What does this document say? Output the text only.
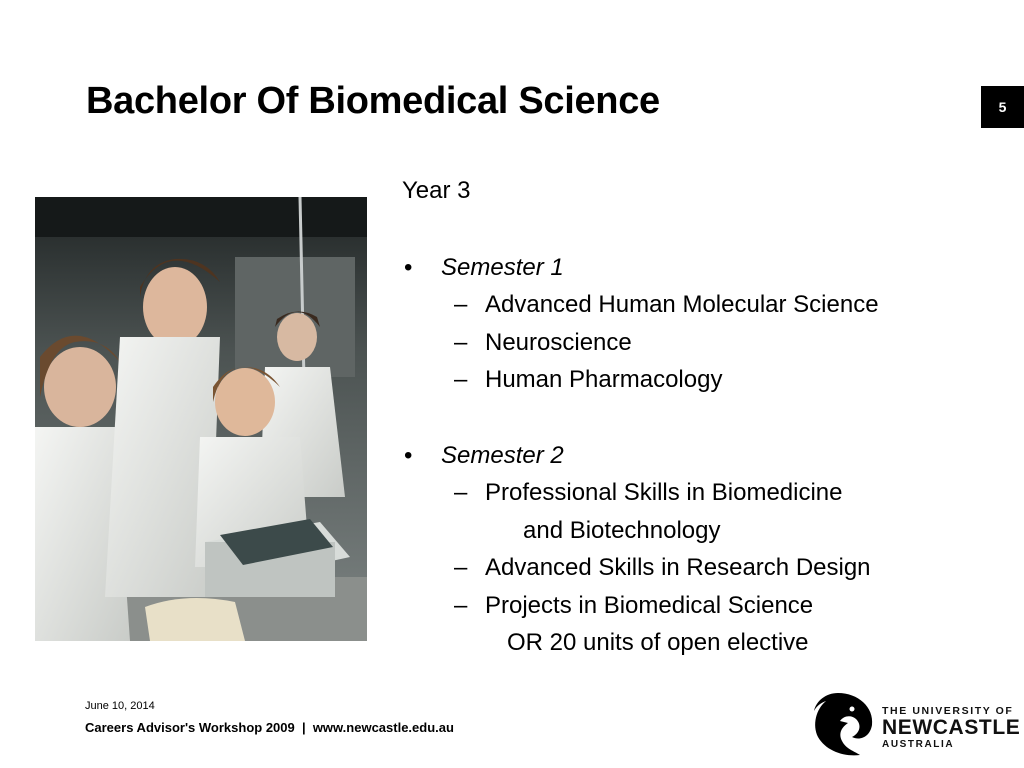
Bachelor Of Biomedical Science	5
Year 3
• Semester 1
– Advanced Human Molecular Science
– Neuroscience
– Human Pharmacology
• Semester 2
– Professional Skills in Biomedicine
and Biotechnology
– Advanced Skills in Research Design
– Projects in Biomedical Science
OR 20 units of open elective
June 10, 2014
Careers Advisor's Workshop 2009  |  www.newcastle.edu.au
THE UNIVERSITY OF
NEWCASTLE
AUSTRALIA
